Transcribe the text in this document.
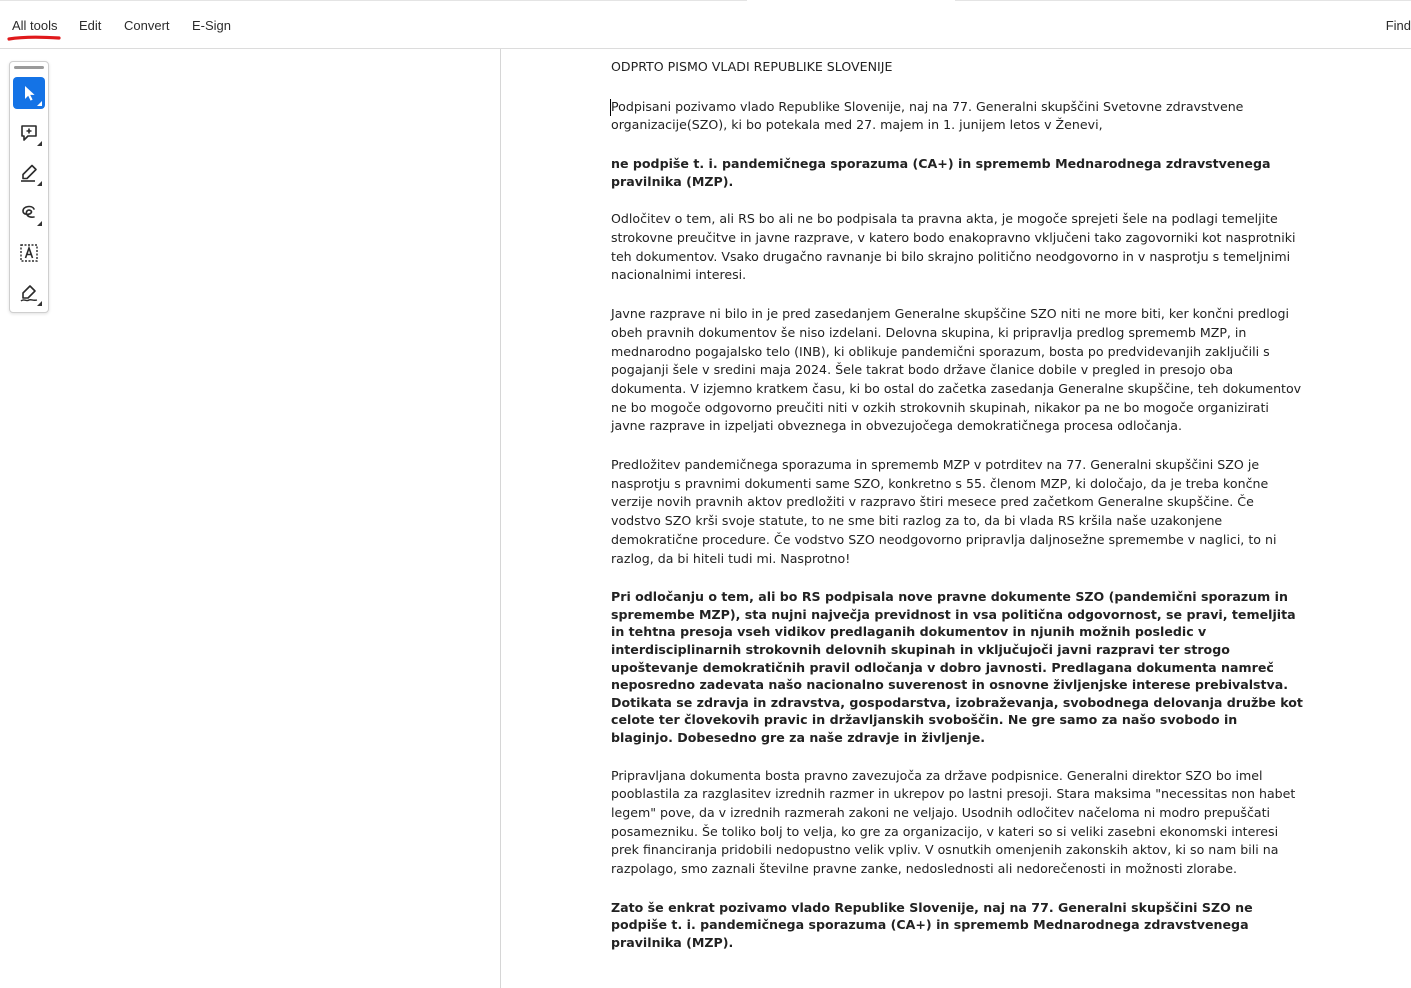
All tools Edit Convert E-Sign	Find

ODPRTO PISMO VLADI REPUBLIKE SLOVENIJE

Podpisani pozivamo vlado Republike Slovenije, naj na 77. Generalni skupščini Svetovne zdravstvene organizacije(SZO), ki bo potekala med 27. majem in 1. junijem letos v Ženevi,

ne podpiše t. i. pandemičnega sporazuma (CA+) in sprememb Mednarodnega zdravstvenega pravilnika (MZP).

Odločitev o tem, ali RS bo ali ne bo podpisala ta pravna akta, je mogoče sprejeti šele na podlagi temeljite strokovne preučitve in javne razprave, v katero bodo enakopravno vključeni tako zagovorniki kot nasprotniki teh dokumentov. Vsako drugačno ravnanje bi bilo skrajno politično neodgovorno in v nasprotju s temeljnimi nacionalnimi interesi.

Javne razprave ni bilo in je pred zasedanjem Generalne skupščine SZO niti ne more biti, ker končni predlogi obeh pravnih dokumentov še niso izdelani. Delovna skupina, ki pripravlja predlog sprememb MZP, in mednarodno pogajalsko telo (INB), ki oblikuje pandemični sporazum, bosta po predvidevanjih zaključili s pogajanji šele v sredini maja 2024. Šele takrat bodo države članice dobile v pregled in presojo oba dokumenta. V izjemno kratkem času, ki bo ostal do začetka zasedanja Generalne skupščine, teh dokumentov ne bo mogoče odgovorno preučiti niti v ozkih strokovnih skupinah, nikakor pa ne bo mogoče organizirati javne razprave in izpeljati obveznega in obvezujočega demokratičnega procesa odločanja.

Predložitev pandemičnega sporazuma in sprememb MZP v potrditev na 77. Generalni skupščini SZO je nasprotju s pravnimi dokumenti same SZO, konkretno s 55. členom MZP, ki določajo, da je treba končne verzije novih pravnih aktov predložiti v razpravo štiri mesece pred začetkom Generalne skupščine. Če vodstvo SZO krši svoje statute, to ne sme biti razlog za to, da bi vlada RS kršila naše uzakonjene demokratične procedure. Če vodstvo SZO neodgovorno pripravlja daljnosežne spremembe v naglici, to ni razlog, da bi hiteli tudi mi. Nasprotno!

Pri odločanju o tem, ali bo RS podpisala nove pravne dokumente SZO (pandemični sporazum in spremembe MZP), sta nujni največja previdnost in vsa politična odgovornost, se pravi, temeljita in tehtna presoja vseh vidikov predlaganih dokumentov in njunih možnih posledic v interdisciplinarnih strokovnih delovnih skupinah in vključujoči javni razpravi ter strogo upoštevanje demokratičnih pravil odločanja v dobro javnosti. Predlagana dokumenta namreč neposredno zadevata našo nacionalno suverenost in osnovne življenjske interese prebivalstva. Dotikata se zdravja in zdravstva, gospodarstva, izobraževanja, svobodnega delovanja družbe kot celote ter človekovih pravic in državljanskih svoboščin. Ne gre samo za našo svobodo in blaginjo. Dobesedno gre za naše zdravje in življenje.

Pripravljana dokumenta bosta pravno zavezujoča za države podpisnice. Generalni direktor SZO bo imel pooblastila za razglasitev izrednih razmer in ukrepov po lastni presoji. Stara maksima "necessitas non habet legem" pove, da v izrednih razmerah zakoni ne veljajo. Usodnih odločitev načeloma ni modro prepuščati posamezniku. Še toliko bolj to velja, ko gre za organizacijo, v kateri so si veliki zasebni ekonomski interesi prek financiranja pridobili nedopustno velik vpliv. V osnutkih omenjenih zakonskih aktov, ki so nam bili na razpolago, smo zaznali številne pravne zanke, nedoslednosti ali nedorečenosti in možnosti zlorabe.

Zato še enkrat pozivamo vlado Republike Slovenije, naj na 77. Generalni skupščini SZO ne podpiše t. i. pandemičnega sporazuma (CA+) in sprememb Mednarodnega zdravstvenega pravilnika (MZP).
